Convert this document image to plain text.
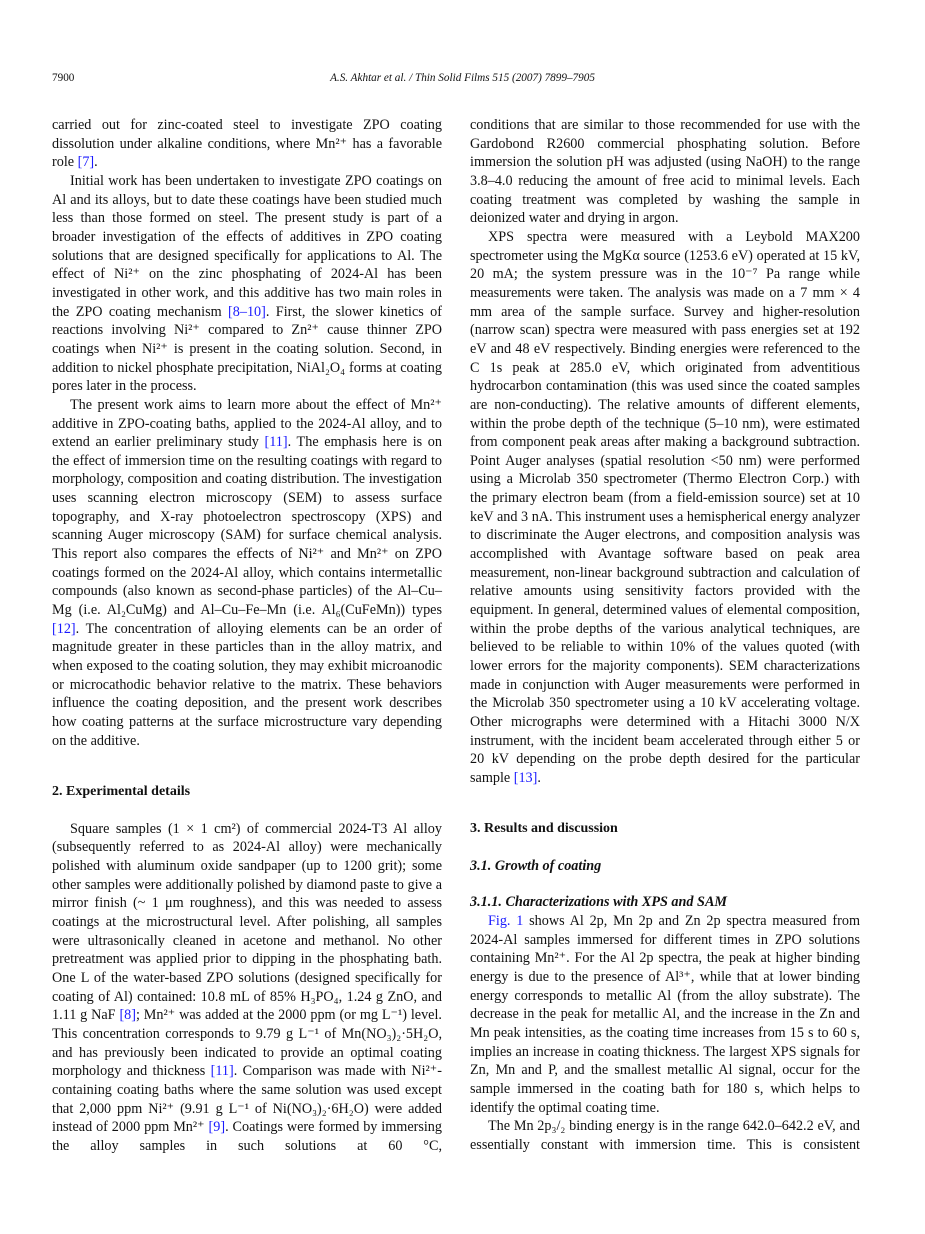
7900	A.S. Akhtar et al. / Thin Solid Films 515 (2007) 7899–7905

carried out for zinc-coated steel to investigate ZPO coating dissolution under alkaline conditions, where Mn²⁺ has a favorable role [7].

Initial work has been undertaken to investigate ZPO coatings on Al and its alloys, but to date these coatings have been studied much less than those formed on steel. The present study is part of a broader investigation of the effects of additives in ZPO coating solutions that are designed specifically for applications to Al. The effect of Ni²⁺ on the zinc phosphating of 2024-Al has been investigated in other work, and this additive has two main roles in the ZPO coating mechanism [8–10]. First, the slower kinetics of reactions involving Ni²⁺ compared to Zn²⁺ cause thinner ZPO coatings when Ni²⁺ is present in the coating solution. Second, in addition to nickel phosphate precipitation, NiAl₂O₄ forms at coating pores later in the process.

The present work aims to learn more about the effect of Mn²⁺ additive in ZPO-coating baths, applied to the 2024-Al alloy, and to extend an earlier preliminary study [11]. The emphasis here is on the effect of immersion time on the resulting coatings with regard to morphology, composition and coating distribution. The investigation uses scanning electron microscopy (SEM) to assess surface topography, and X-ray photoelectron spectroscopy (XPS) and scanning Auger microscopy (SAM) for surface chemical analysis. This report also compares the effects of Ni²⁺ and Mn²⁺ on ZPO coatings formed on the 2024-Al alloy, which contains intermetallic compounds (also known as second-phase particles) of the Al–Cu–Mg (i.e. Al₂CuMg) and Al–Cu–Fe–Mn (i.e. Al₆(CuFeMn)) types [12]. The concentration of alloying elements can be an order of magnitude greater in these particles than in the alloy matrix, and when exposed to the coating solution, they may exhibit microanodic or microcathodic behavior relative to the matrix. These behaviors influence the coating deposition, and the present work describes how coating patterns at the surface microstructure vary depending on the additive.

2. Experimental details

Square samples (1 × 1 cm²) of commercial 2024-T3 Al alloy (subsequently referred to as 2024-Al alloy) were mechanically polished with aluminum oxide sandpaper (up to 1200 grit); some other samples were additionally polished by diamond paste to give a mirror finish (~ 1 μm roughness), and this was needed to assess coatings at the microstructural level. After polishing, all samples were ultrasonically cleaned in acetone and methanol. No other pretreatment was applied prior to dipping in the phosphating bath. One L of the water-based ZPO solutions (designed specifically for coating of Al) contained: 10.8 mL of 85% H₃PO₄, 1.24 g ZnO, and 1.11 g NaF [8]; Mn²⁺ was added at the 2000 ppm (or mg L⁻¹) level. This concentration corresponds to 9.79 g L⁻¹ of Mn(NO₃)₂·5H₂O, and has previously been indicated to provide an optimal coating morphology and thickness [11]. Comparison was made with Ni²⁺-containing coating baths where the same solution was used except that 2,000 ppm Ni²⁺ (9.91 g L⁻¹ of Ni(NO₃)₂·6H₂O) were added instead of 2000 ppm Mn²⁺ [9]. Coatings were formed by immersing the alloy samples in such solutions at 60 °C,

conditions that are similar to those recommended for use with the Gardobond R2600 commercial phosphating solution. Before immersion the solution pH was adjusted (using NaOH) to the range 3.8–4.0 reducing the amount of free acid to minimal levels. Each coating treatment was completed by washing the sample in deionized water and drying in argon.

XPS spectra were measured with a Leybold MAX200 spectrometer using the MgKα source (1253.6 eV) operated at 15 kV, 20 mA; the system pressure was in the 10⁻⁷ Pa range while measurements were taken. The analysis was made on a 7 mm × 4 mm area of the sample surface. Survey and higher-resolution (narrow scan) spectra were measured with pass energies set at 192 eV and 48 eV respectively. Binding energies were referenced to the C 1s peak at 285.0 eV, which originated from adventitious hydrocarbon contamination (this was used since the coated samples are non-conducting). The relative amounts of different elements, within the probe depth of the technique (5–10 nm), were estimated from component peak areas after making a background subtraction. Point Auger analyses (spatial resolution <50 nm) were performed using a Microlab 350 spectrometer (Thermo Electron Corp.) with the primary electron beam (from a field-emission source) set at 10 keV and 3 nA. This instrument uses a hemispherical energy analyzer to discriminate the Auger electrons, and composition analysis was accomplished with Avantage software based on peak area measurement, non-linear background subtraction and calculation of relative amounts using sensitivity factors provided with the equipment. In general, determined values of elemental composition, within the probe depths of the various analytical techniques, are believed to be reliable to within 10% of the values quoted (with lower errors for the majority components). SEM characterizations made in conjunction with Auger measurements were performed in the Microlab 350 spectrometer using a 10 kV accelerating voltage. Other micrographs were determined with a Hitachi 3000 N/X instrument, with the incident beam accelerated through either 5 or 20 kV depending on the probe depth desired for the particular sample [13].

3. Results and discussion
3.1. Growth of coating
3.1.1. Characterizations with XPS and SAM

Fig. 1 shows Al 2p, Mn 2p and Zn 2p spectra measured from 2024-Al samples immersed for different times in ZPO solutions containing Mn²⁺. For the Al 2p spectra, the peak at higher binding energy is due to the presence of Al³⁺, while that at lower binding energy corresponds to metallic Al (from the alloy substrate). The decrease in the peak for metallic Al, and the increase in the Zn and Mn peak intensities, as the coating time increases from 15 s to 60 s, implies an increase in coating thickness. The largest XPS signals for Zn, Mn and P, and the smallest metallic Al signal, occur for the sample immersed in the coating bath for 180 s, which helps to identify the optimal coating time.

The Mn 2p₃/₂ binding energy is in the range 642.0–642.2 eV, and essentially constant with immersion time. This is consistent
